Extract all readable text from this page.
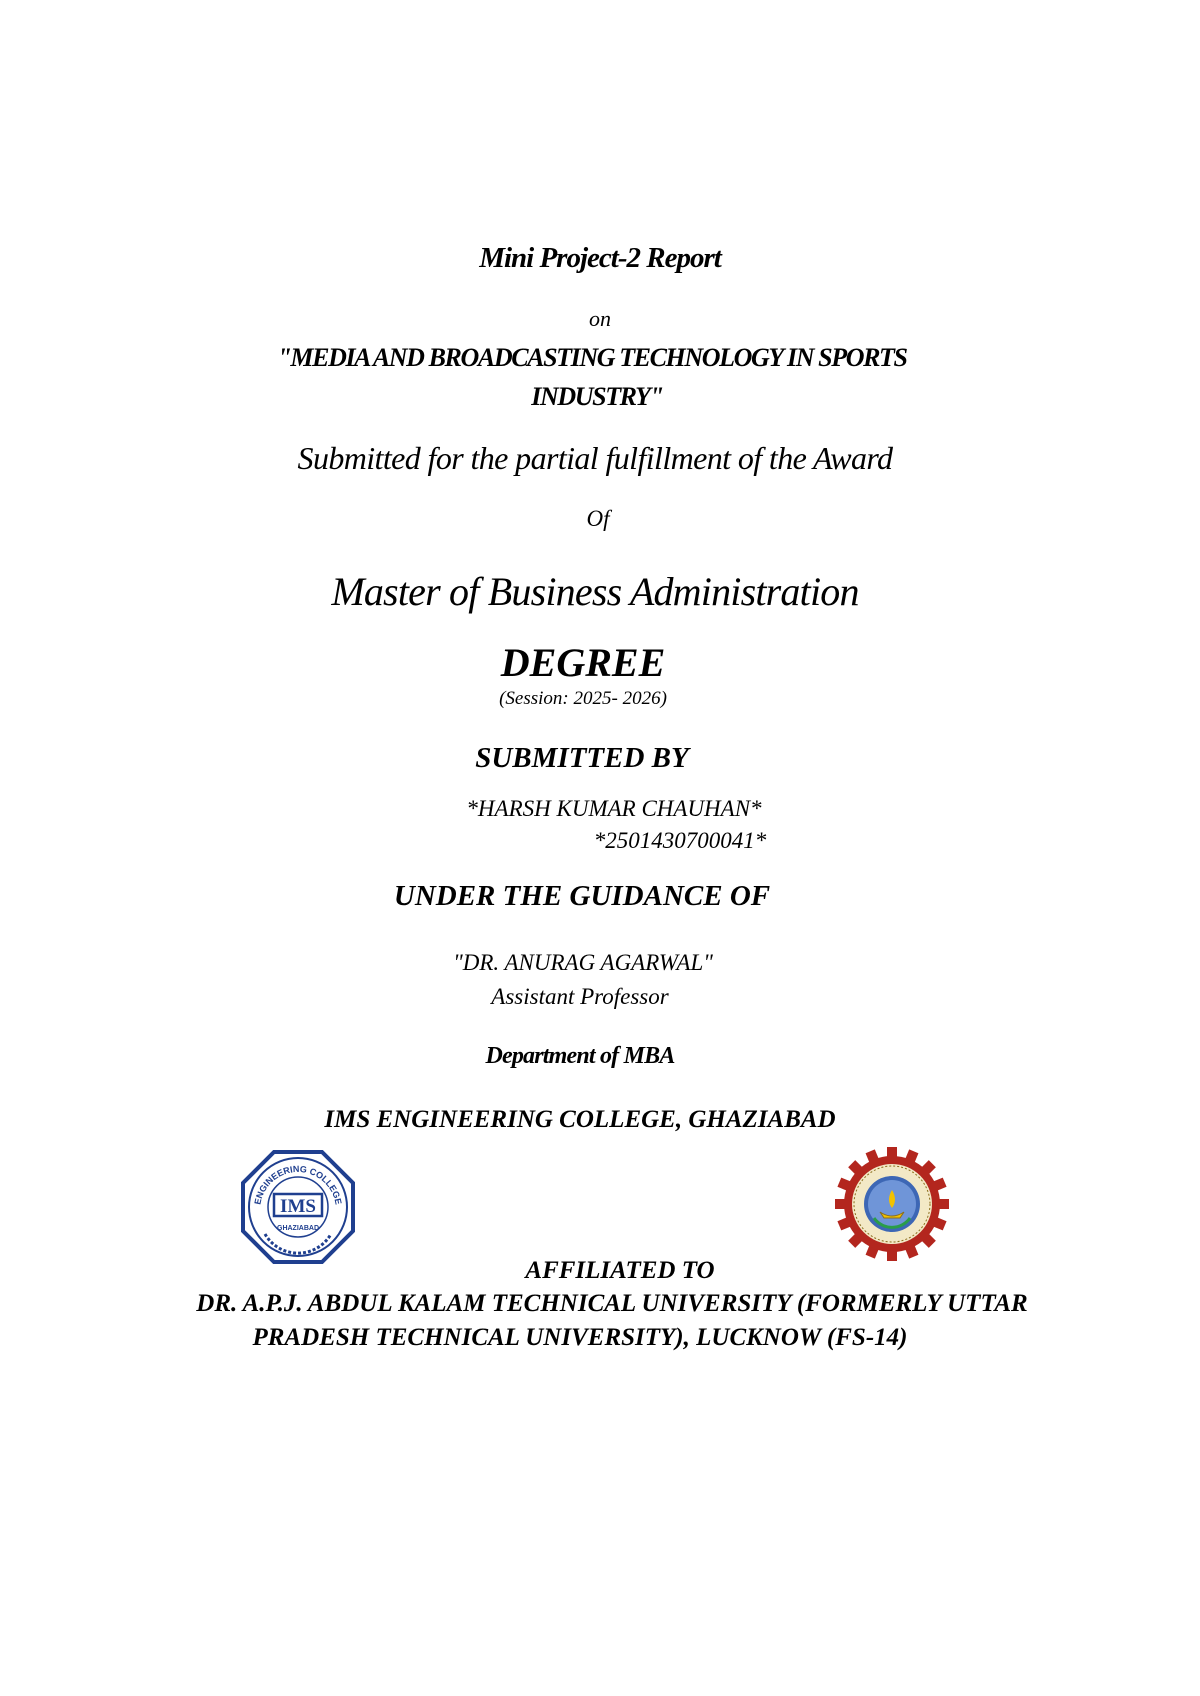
Mini Project-2 Report
on
"MEDIA AND BROADCASTING TECHNOLOGY IN SPORTS
INDUSTRY"
Submitted for the partial fulfillment of the Award
Of
Master of Business Administration
DEGREE
(Session: 2025- 2026)
SUBMITTED BY
*HARSH KUMAR CHAUHAN*
*2501430700041*
UNDER THE GUIDANCE OF
"DR. ANURAG AGARWAL"
Assistant Professor
Department of MBA
IMS ENGINEERING COLLEGE, GHAZIABAD
ENGINEERING COLLEGE
IMS
GHAZIABAD
AFFILIATED TO
DR. A.P.J. ABDUL KALAM TECHNICAL UNIVERSITY (FORMERLY UTTAR
PRADESH TECHNICAL UNIVERSITY), LUCKNOW (FS-14)
